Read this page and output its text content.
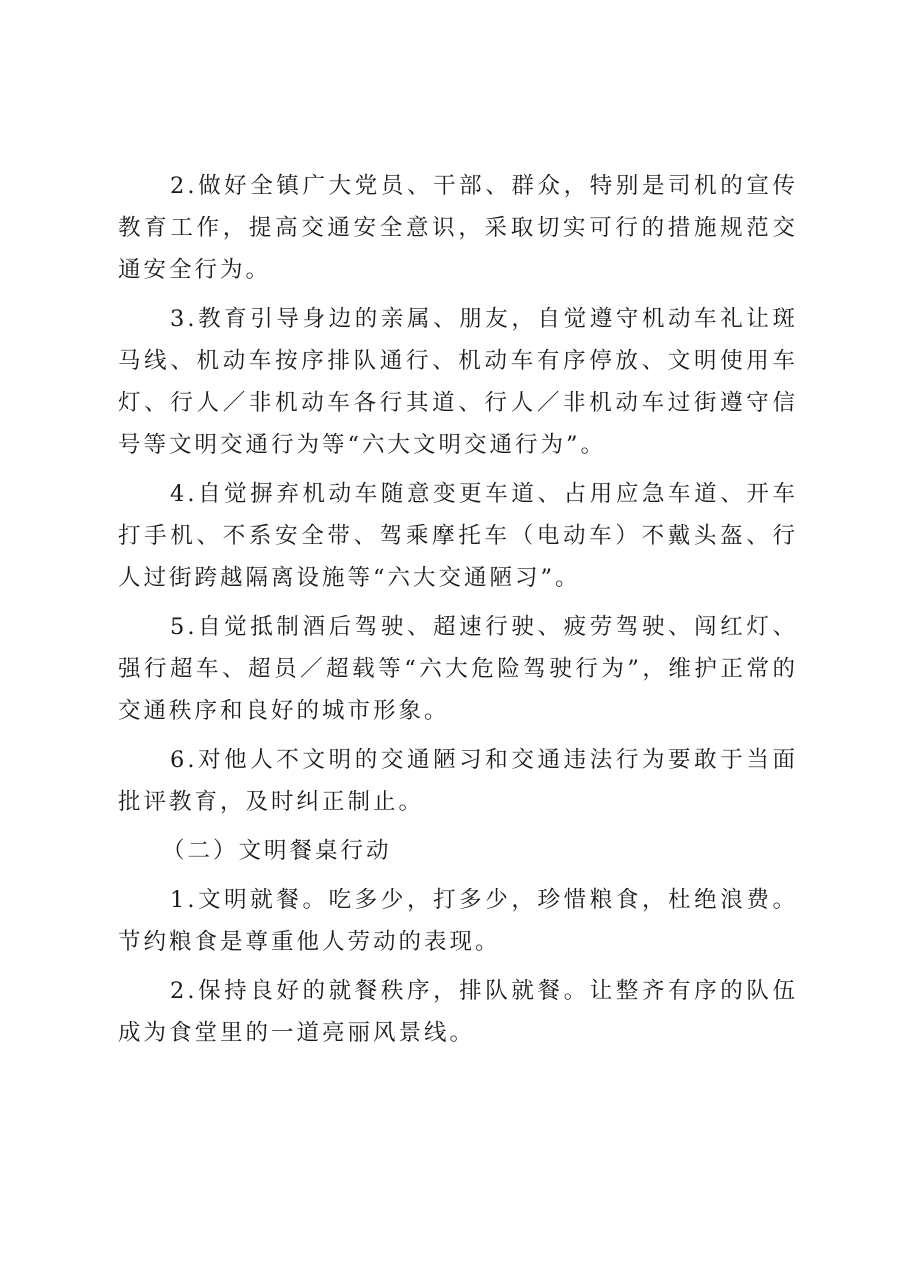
2.做好全镇广大党员、干部、群众，特别是司机的宣传教育工作，提高交通安全意识，采取切实可行的措施规范交通安全行为。

3.教育引导身边的亲属、朋友，自觉遵守机动车礼让斑马线、机动车按序排队通行、机动车有序停放、文明使用车灯、行人／非机动车各行其道、行人／非机动车过街遵守信号等文明交通行为等“六大文明交通行为”。

4.自觉摒弃机动车随意变更车道、占用应急车道、开车打手机、不系安全带、驾乘摩托车（电动车）不戴头盔、行人过街跨越隔离设施等“六大交通陋习”。

5.自觉抵制酒后驾驶、超速行驶、疲劳驾驶、闯红灯、强行超车、超员／超载等“六大危险驾驶行为”，维护正常的交通秩序和良好的城市形象。

6.对他人不文明的交通陋习和交通违法行为要敢于当面批评教育，及时纠正制止。

（二）文明餐桌行动

1.文明就餐。吃多少，打多少，珍惜粮食，杜绝浪费。节约粮食是尊重他人劳动的表现。

2.保持良好的就餐秩序，排队就餐。让整齐有序的队伍成为食堂里的一道亮丽风景线。
